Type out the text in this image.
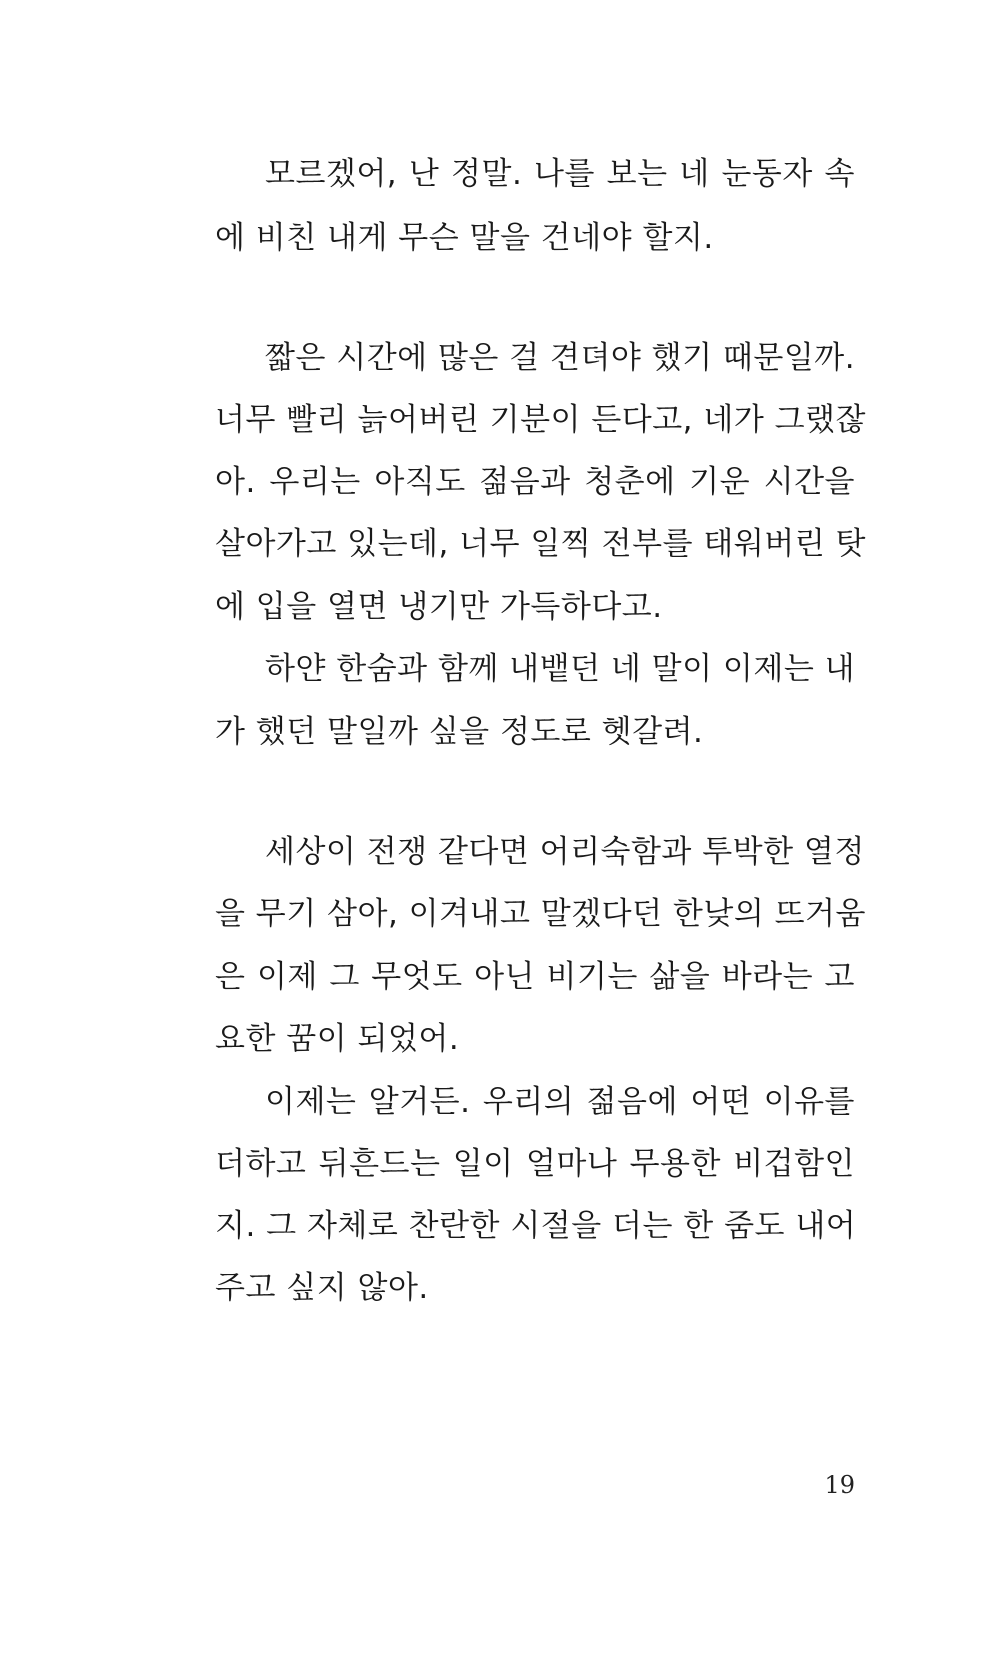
모르겠어, 난 정말. 나를 보는 네 눈동자 속
에 비친 내게 무슨 말을 건네야 할지.
짧은 시간에 많은 걸 견뎌야 했기 때문일까.
너무 빨리 늙어버린 기분이 든다고, 네가 그랬잖
아. 우리는 아직도 젊음과 청춘에 기운 시간을
살아가고 있는데, 너무 일찍 전부를 태워버린 탓
에 입을 열면 냉기만 가득하다고.
하얀 한숨과 함께 내뱉던 네 말이 이제는 내
가 했던 말일까 싶을 정도로 헷갈려.
세상이 전쟁 같다면 어리숙함과 투박한 열정
을 무기 삼아, 이겨내고 말겠다던 한낮의 뜨거움
은 이제 그 무엇도 아닌 비기는 삶을 바라는 고
요한 꿈이 되었어.
이제는 알거든. 우리의 젊음에 어떤 이유를
더하고 뒤흔드는 일이 얼마나 무용한 비겁함인
지. 그 자체로 찬란한 시절을 더는 한 줌도 내어
주고 싶지 않아.
19
